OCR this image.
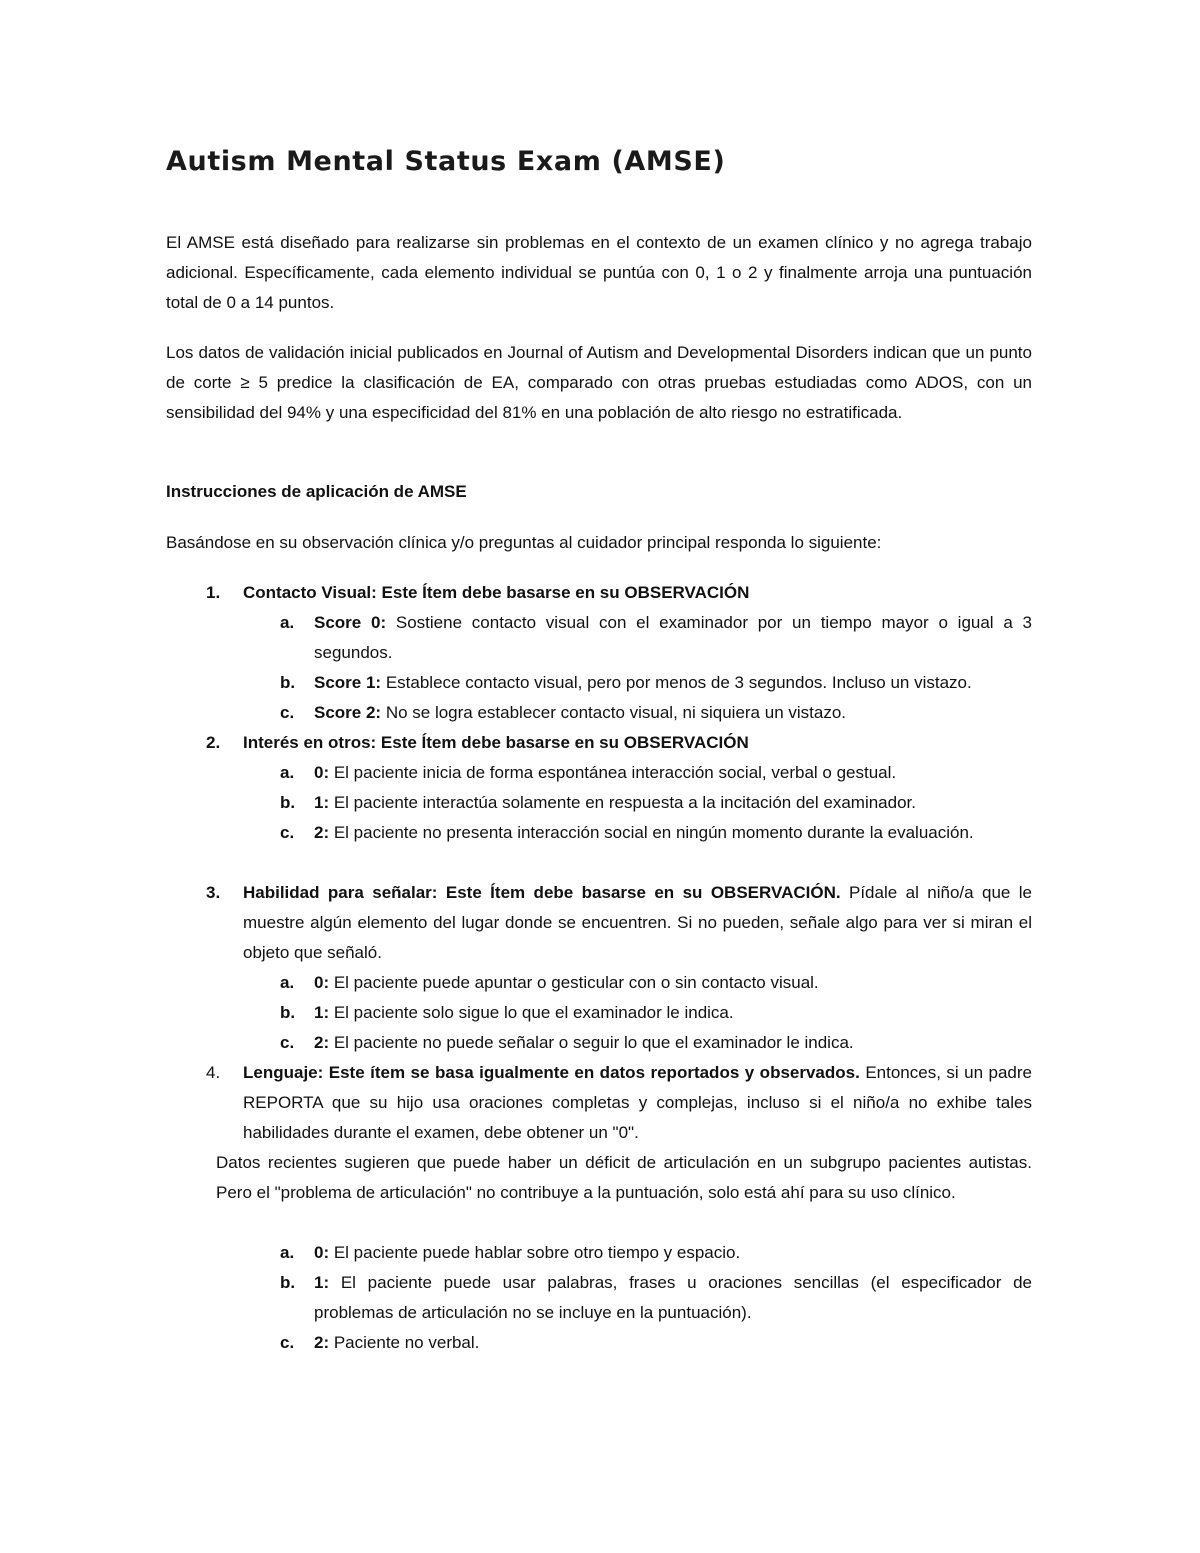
Autism Mental Status Exam (AMSE)

El AMSE está diseñado para realizarse sin problemas en el contexto de un examen clínico y no agrega trabajo adicional. Específicamente, cada elemento individual se puntúa con 0, 1 o 2 y finalmente arroja una puntuación total de 0 a 14 puntos.

Los datos de validación inicial publicados en Journal of Autism and Developmental Disorders indican que un punto de corte ≥ 5 predice la clasificación de EA, comparado con otras pruebas estudiadas como ADOS, con un sensibilidad del 94% y una especificidad del 81% en una población de alto riesgo no estratificada.

Instrucciones de aplicación de AMSE

Basándose en su observación clínica y/o preguntas al cuidador principal responda lo siguiente:

1.	Contacto Visual: Este Ítem debe basarse en su OBSERVACIÓN
a.	Score 0: Sostiene contacto visual con el examinador por un tiempo mayor o igual a 3 segundos.
b.	Score 1: Establece contacto visual, pero por menos de 3 segundos. Incluso un vistazo.
c.	Score 2: No se logra establecer contacto visual, ni siquiera un vistazo.
2.	Interés en otros: Este Ítem debe basarse en su OBSERVACIÓN
a.	0: El paciente inicia de forma espontánea interacción social, verbal o gestual.
b.	1: El paciente interactúa solamente en respuesta a la incitación del examinador.
c.	2: El paciente no presenta interacción social en ningún momento durante la evaluación.
3.	Habilidad para señalar: Este Ítem debe basarse en su OBSERVACIÓN. Pídale al niño/a que le muestre algún elemento del lugar donde se encuentren. Si no pueden, señale algo para ver si miran el objeto que señaló.
a.	0: El paciente puede apuntar o gesticular con o sin contacto visual.
b.	1: El paciente solo sigue lo que el examinador le indica.
c.	2: El paciente no puede señalar o seguir lo que el examinador le indica.
4.	Lenguaje: Este ítem se basa igualmente en datos reportados y observados. Entonces, si un padre REPORTA que su hijo usa oraciones completas y complejas, incluso si el niño/a no exhibe tales habilidades durante el examen, debe obtener un "0".

Datos recientes sugieren que puede haber un déficit de articulación en un subgrupo pacientes autistas. Pero el "problema de articulación" no contribuye a la puntuación, solo está ahí para su uso clínico.

a.	0: El paciente puede hablar sobre otro tiempo y espacio.
b.	1: El paciente puede usar palabras, frases u oraciones sencillas (el especificador de problemas de articulación no se incluye en la puntuación).
c.	2: Paciente no verbal.
